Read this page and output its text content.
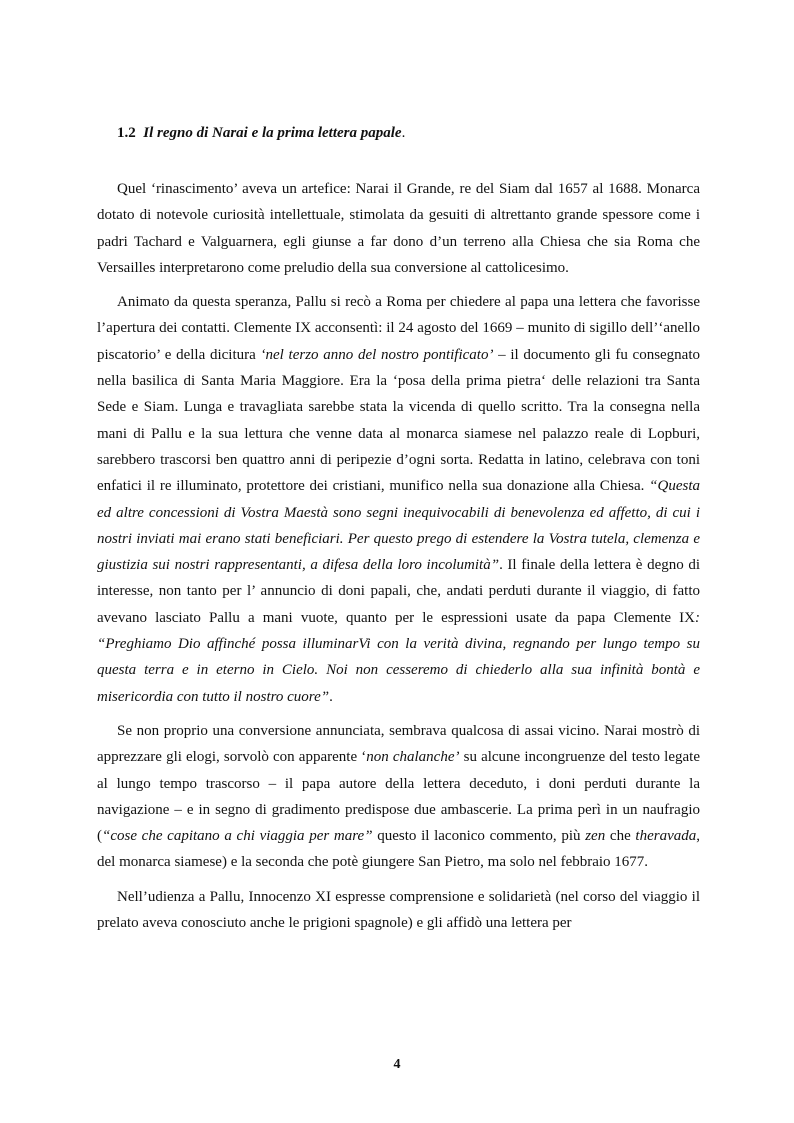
1.2 Il regno di Narai e la prima lettera papale.

Quel ‘rinascimento’ aveva un artefice: Narai il Grande, re del Siam dal 1657 al 1688. Monarca dotato di notevole curiosità intellettuale, stimolata da gesuiti di altrettanto grande spessore come i padri Tachard e Valguarnera, egli giunse a far dono d’un terreno alla Chiesa che sia Roma che Versailles interpretarono come preludio della sua conversione al cattolicesimo.

Animato da questa speranza, Pallu si recò a Roma per chiedere al papa una lettera che favorisse l’apertura dei contatti. Clemente IX acconsentì: il 24 agosto del 1669 – munito di sigillo dell’‘anello piscatorio’ e della dicitura ‘nel terzo anno del nostro pontificato’ – il documento gli fu consegnato nella basilica di Santa Maria Maggiore. Era la ‘posa della prima pietra‘ delle relazioni tra Santa Sede e Siam. Lunga e travagliata sarebbe stata la vicenda di quello scritto. Tra la consegna nella mani di Pallu e la sua lettura che venne data al monarca siamese nel palazzo reale di Lopburi, sarebbero trascorsi ben quattro anni di peripezie d’ogni sorta. Redatta in latino, celebrava con toni enfatici il re illuminato, protettore dei cristiani, munifico nella sua donazione alla Chiesa. “Questa ed altre concessioni di Vostra Maestà sono segni inequivocabili di benevolenza ed affetto, di cui i nostri inviati mai erano stati beneficiari. Per questo prego di estendere la Vostra tutela, clemenza e giustizia sui nostri rappresentanti, a difesa della loro incolumità”. Il finale della lettera è degno di interesse, non tanto per l’ annuncio di doni papali, che, andati perduti durante il viaggio, di fatto avevano lasciato Pallu a mani vuote, quanto per le espressioni usate da papa Clemente IX: “Preghiamo Dio affinché possa illuminarVi con la verità divina, regnando per lungo tempo su questa terra e in eterno in Cielo. Noi non cesseremo di chiederlo alla sua infinità bontà e misericordia con tutto il nostro cuore”.

Se non proprio una conversione annunciata, sembrava qualcosa di assai vicino. Narai mostrò di apprezzare gli elogi, sorvolò con apparente ‘non chalanche’ su alcune incongruenze del testo legate al lungo tempo trascorso – il papa autore della lettera deceduto, i doni perduti durante la navigazione – e in segno di gradimento predispose due ambascerie. La prima perì in un naufragio (“cose che capitano a chi viaggia per mare” questo il laconico commento, più zen che theravada, del monarca siamese) e la seconda che potè giungere San Pietro, ma solo nel febbraio 1677.

Nell’udienza a Pallu, Innocenzo XI espresse comprensione e solidarietà (nel corso del viaggio il prelato aveva conosciuto anche le prigioni spagnole) e gli affidò una lettera per

4
